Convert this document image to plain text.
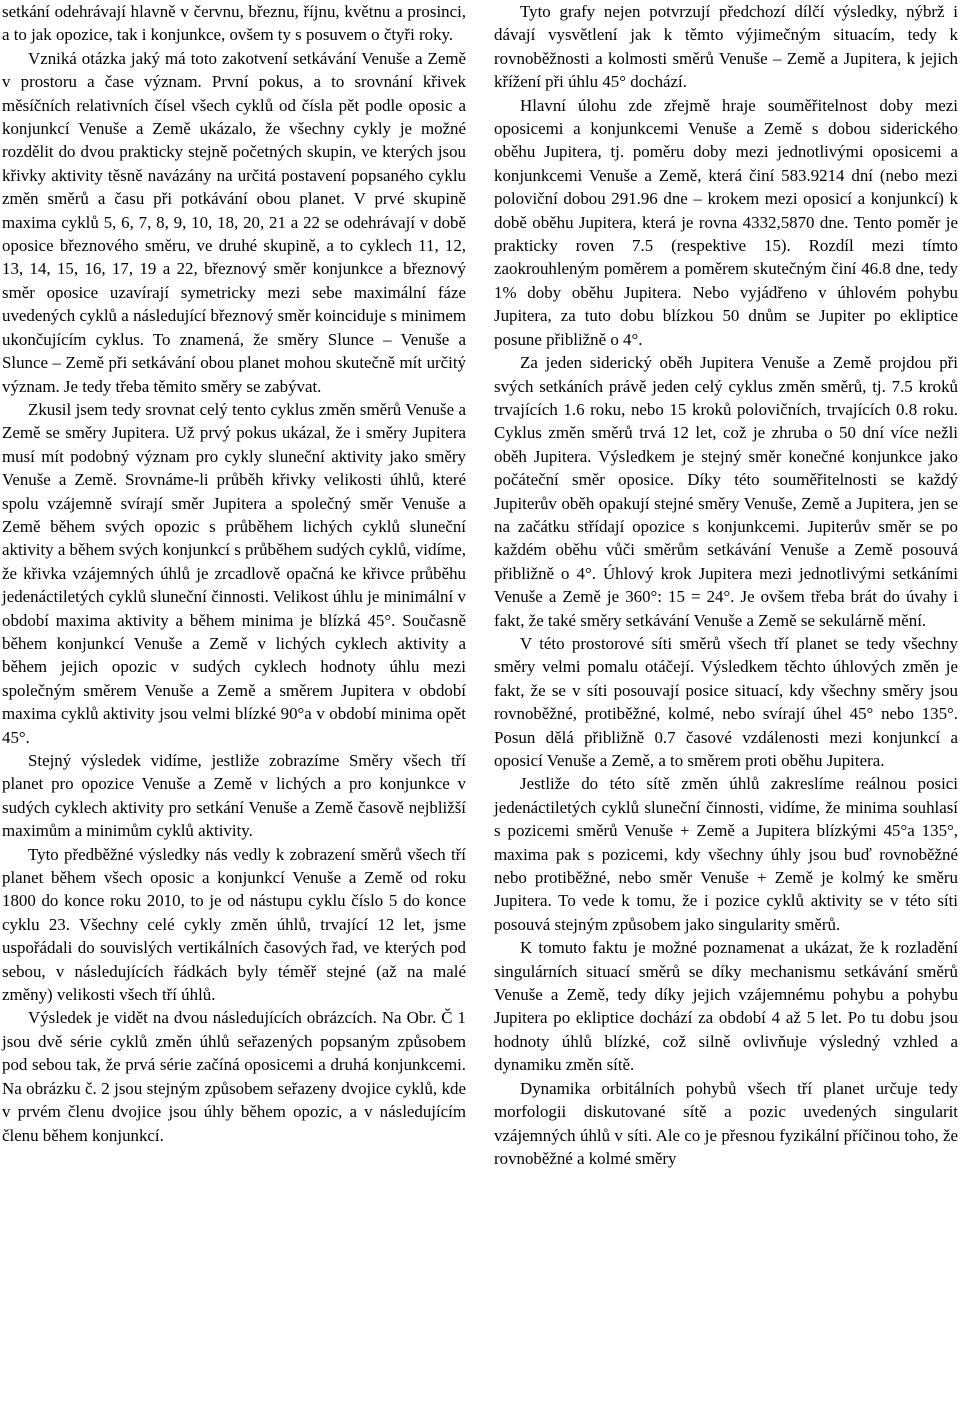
setkání odehrávají hlavně v červnu, březnu, říjnu, květnu a prosinci, a to jak opozice, tak i konjunkce, ovšem ty s posuvem o čtyři roky.

Vzniká otázka jaký má toto zakotvení setkávání Venuše a Země v prostoru a čase význam. První pokus, a to srovnání křivek měsíčních relativních čísel všech cyklů od čísla pět podle oposic a konjunkcí Venuše a Země ukázalo, že všechny cykly je možné rozdělit do dvou prakticky stejně početných skupin, ve kterých jsou křivky aktivity těsně navázány na určitá postavení popsaného cyklu změn směrů a času při potkávání obou planet. V prvé skupině maxima cyklů 5, 6, 7, 8, 9, 10, 18, 20, 21 a 22 se odehrávají v době oposice březnového směru, ve druhé skupině, a to cyklech 11, 12, 13, 14, 15, 16, 17, 19 a 22, březnový směr konjunkce a březnový směr oposice uzavírají symetricky mezi sebe maximální fáze uvedených cyklů a následující březnový směr koinciduje s minimem ukončujícím cyklus. To znamená, že směry Slunce – Venuše a Slunce – Země při setkávání obou planet mohou skutečně mít určitý význam. Je tedy třeba těmito směry se zabývat.

Zkusil jsem tedy srovnat celý tento cyklus změn směrů Venuše a Země se směry Jupitera. Už prvý pokus ukázal, že i směry Jupitera musí mít podobný význam pro cykly sluneční aktivity jako směry Venuše a Země. Srovnáme-li průběh křivky velikosti úhlů, které spolu vzájemně svírají směr Jupitera a společný směr Venuše a Země během svých opozic s průběhem lichých cyklů sluneční aktivity a během svých konjunkcí s průběhem sudých cyklů, vidíme, že křivka vzájemných úhlů je zrcadlově opačná ke křivce průběhu jedenáctiletých cyklů sluneční činnosti. Velikost úhlu je minimální v období maxima aktivity a během minima je blízká 45°. Současně během konjunkcí Venuše a Země v lichých cyklech aktivity a během jejich opozic v sudých cyklech hodnoty úhlu mezi společným směrem Venuše a Země a směrem Jupitera v období maxima cyklů aktivity jsou velmi blízké 90°a v období minima opět 45°.

Stejný výsledek vidíme, jestliže zobrazíme Směry všech tří planet pro opozice Venuše a Země v lichých a pro konjunkce v sudých cyklech aktivity pro setkání Venuše a Země časově nejbližší maximům a minimům cyklů aktivity.

Tyto předběžné výsledky nás vedly k zobrazení směrů všech tří planet během všech oposic a konjunkcí Venuše a Země od roku 1800 do konce roku 2010, to je od nástupu cyklu číslo 5 do konce cyklu 23. Všechny celé cykly změn úhlů, trvající 12 let, jsme uspořádali do souvislých vertikálních časových řad, ve kterých pod sebou, v následujících řádkách byly téměř stejné (až na malé změny) velikosti všech tří úhlů.

Výsledek je vidět na dvou následujících obrázcích. Na Obr. Č 1 jsou dvě série cyklů změn úhlů seřazených popsaným způsobem pod sebou tak, že prvá série začíná oposicemi a druhá konjunkcemi. Na obrázku č. 2 jsou stejným způsobem seřazeny dvojice cyklů, kde v prvém členu dvojice jsou úhly během opozic, a v následujícím členu během konjunkcí.

Tyto grafy nejen potvrzují předchozí dílčí výsledky, nýbrž i dávají vysvětlení jak k těmto výjimečným situacím, tedy k rovnoběžnosti a kolmosti směrů Venuše – Země a Jupitera, k jejich křížení při úhlu 45° dochází.

Hlavní úlohu zde zřejmě hraje souměřitelnost doby mezi oposicemi a konjunkcemi Venuše a Země s dobou siderického oběhu Jupitera, tj. poměru doby mezi jednotlivými oposicemi a konjunkcemi Venuše a Země, která činí 583.9214 dní (nebo mezi poloviční dobou 291.96 dne – krokem mezi oposicí a konjunkcí) k době oběhu Jupitera, která je rovna 4332,5870 dne. Tento poměr je prakticky roven 7.5 (respektive 15). Rozdíl mezi tímto zaokrouhleným poměrem a poměrem skutečným činí 46.8 dne, tedy 1% doby oběhu Jupitera. Nebo vyjádřeno v úhlovém pohybu Jupitera, za tuto dobu blízkou 50 dnům se Jupiter po ekliptice posune přibližně o 4°.

Za jeden siderický oběh Jupitera Venuše a Země projdou při svých setkáních právě jeden celý cyklus změn směrů, tj. 7.5 kroků trvajících 1.6 roku, nebo 15 kroků polovičních, trvajících 0.8 roku. Cyklus změn směrů trvá 12 let, což je zhruba o 50 dní více nežli oběh Jupitera. Výsledkem je stejný směr konečné konjunkce jako počáteční směr oposice. Díky této souměřitelnosti se každý Jupiterův oběh opakují stejné směry Venuše, Země a Jupitera, jen se na začátku střídají opozice s konjunkcemi. Jupiterův směr se po každém oběhu vůči směrům setkávání Venuše a Země posouvá přibližně o 4°. Úhlový krok Jupitera mezi jednotlivými setkáními Venuše a Země je 360°: 15 = 24°. Je ovšem třeba brát do úvahy i fakt, že také směry setkávání Venuše a Země se sekulárně mění.

V této prostorové síti směrů všech tří planet se tedy všechny směry velmi pomalu otáčejí. Výsledkem těchto úhlových změn je fakt, že se v síti posouvají posice situací, kdy všechny směry jsou rovnoběžné, protiběžné, kolmé, nebo svírají úhel 45° nebo 135°. Posun dělá přibližně 0.7 časové vzdálenosti mezi konjunkcí a oposicí Venuše a Země, a to směrem proti oběhu Jupitera.

Jestliže do této sítě změn úhlů zakreslíme reálnou posici jedenáctiletých cyklů sluneční činnosti, vidíme, že minima souhlasí s pozicemi směrů Venuše + Země a Jupitera blízkými 45°a 135°, maxima pak s pozicemi, kdy všechny úhly jsou buď rovnoběžné nebo protiběžné, nebo směr Venuše + Země je kolmý ke směru Jupitera. To vede k tomu, že i pozice cyklů aktivity se v této síti posouvá stejným způsobem jako singularity směrů.

K tomuto faktu je možné poznamenat a ukázat, že k rozladění singulárních situací směrů se díky mechanismu setkávání směrů Venuše a Země, tedy díky jejich vzájemnému pohybu a pohybu Jupitera po ekliptice dochází za období 4 až 5 let. Po tu dobu jsou hodnoty úhlů blízké, což silně ovlivňuje výsledný vzhled a dynamiku změn sítě.

Dynamika orbitálních pohybů všech tří planet určuje tedy morfologii diskutované sítě a pozic uvedených singularit vzájemných úhlů v síti. Ale co je přesnou fyzikální příčinou toho, že rovnoběžné a kolmé směry
